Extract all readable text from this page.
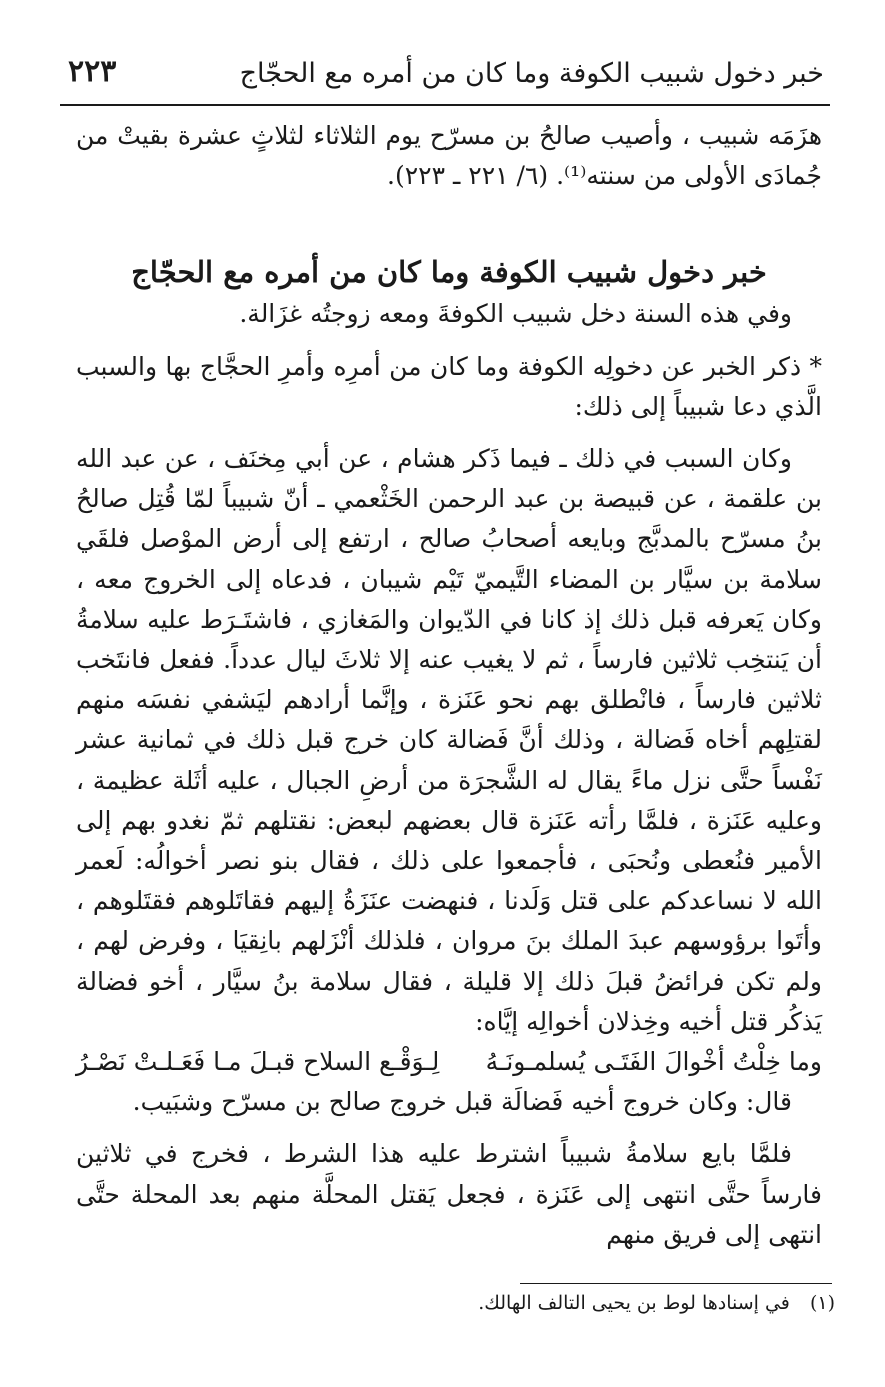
خبر دخول شبيب الكوفة وما كان من أمره مع الحجّاج
٢٢٣

هزَمَه شبيب ، وأصيب صالحُ بن مسرّح يوم الثلاثاء لثلاثٍ عشرة بقيتْ من جُمادَى الأولى من سنته⁽¹⁾. (٦/ ٢٢١ ـ ٢٢٣).

خبر دخول شبيب الكوفة وما كان من أمره مع الحجّاج

وفي هذه السنة دخل شبيب الكوفةَ ومعه زوجتُه غزَالة.

* ذكر الخبر عن دخولِه الكوفة وما كان من أمرِه وأمرِ الحجَّاج بها والسبب الَّذي دعا شبيباً إلى ذلك:

وكان السبب في ذلك ـ فيما ذَكر هشام ، عن أبي مِخنَف ، عن عبد الله بن علقمة ، عن قبيصة بن عبد الرحمن الخَثْعمي ـ أنّ شبيباً لمّا قُتِل صالحُ بنُ مسرّح بالمدبَّج وبايعه أصحابُ صالح ، ارتفع إلى أرض الموْصل فلقَي سلامة بن سيَّار بن المضاء التَّيميّ تَيْم شيبان ، فدعاه إلى الخروج معه ، وكان يَعرفه قبل ذلك إذ كانا في الدّيوان والمَغازي ، فاشتَـرَط عليه سلامةُ أن يَنتخِب ثلاثين فارساً ، ثم لا يغيب عنه إلا ثلاثَ ليال عدداً. ففعل فانتَخب ثلاثين فارساً ، فانْطلق بهم نحو عَنَزة ، وإنَّما أرادهم ليَشفي نفسَه منهم لقتلِهم أخاه فَضالة ، وذلك أنَّ فَضالة كان خرج قبل ذلك في ثمانية عشر نَفْساً حتَّى نزل ماءً يقال له الشَّجرَة من أرضِ الجبال ، عليه أثَلة عظيمة ، وعليه عَنَزة ، فلمَّا رأته عَنَزة قال بعضهم لبعض: نقتلهم ثمّ نغدو بهم إلى الأمير فنُعطى ونُحبَى ، فأجمعوا على ذلك ، فقال بنو نصر أخوالُه: لَعمر الله لا نساعدكم على قتل وَلَدنا ، فنهضت عنَزَةُ إليهم فقاتَلوهم فقتَلوهم ، وأتَوا برؤوسهم عبدَ الملك بنَ مروان ، فلذلك أنْزَلهم بانِقيَا ، وفرض لهم ، ولم تكن فرائضُ قبلَ ذلك إلا قليلة ، فقال سلامة بنُ سيَّار ، أخو فضالة يَذكُر قتل أخيه وخِذلان أخوالِه إيَّاه:

وما خِلْتُ أخْوالَ الفَتَـى يُسلمـونَـهُ
لِـوَقْـع السلاح قبـلَ مـا فَعَـلـتْ نَصْـرُ

قال: وكان خروج أخيه فَضالَة قبل خروج صالح بن مسرّح وشبَيب.

فلمَّا بايع سلامةُ شبيباً اشترط عليه هذا الشرط ، فخرج في ثلاثين فارساً حتَّى انتهى إلى عَنَزة ، فجعل يَقتل المحلَّة منهم بعد المحلة حتَّى انتهى إلى فريق منهم

(١) في إسنادها لوط بن يحيى التالف الهالك.
